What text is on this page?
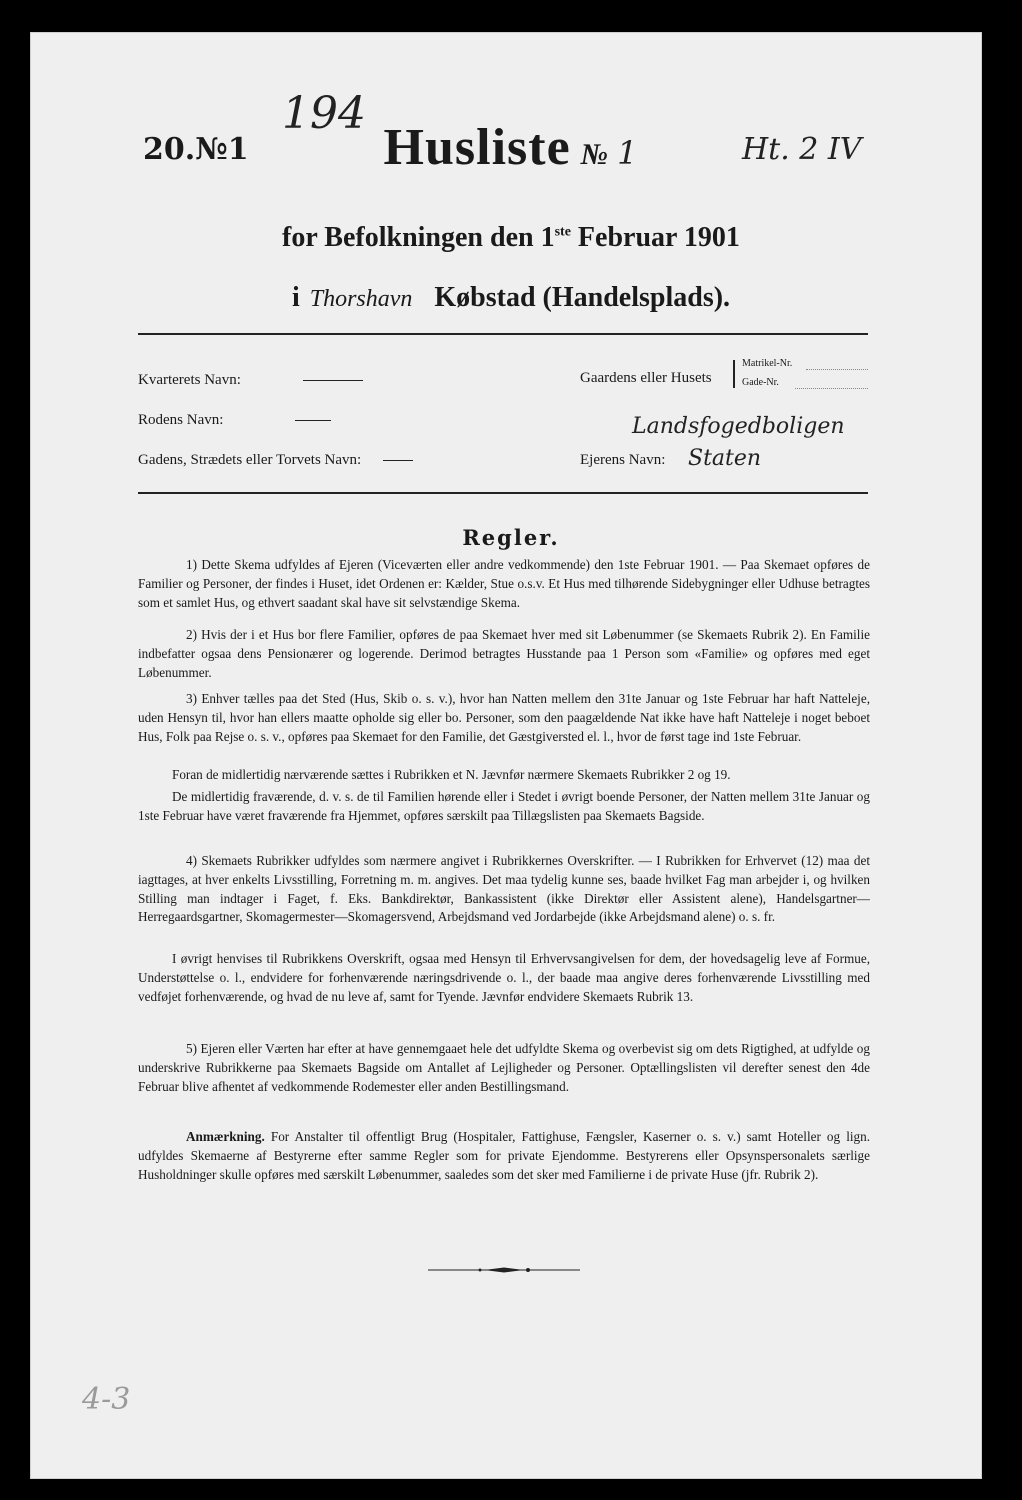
194
20.№1	Ht. 2 IV
4-3
Husliste № 1
for Befolkningen den 1ste Februar 1901
i Thorshavn Købstad (Handelsplads).
Kvarterets Navn:
Rodens Navn:
Gadens, Strædets eller Torvets Navn:
Gaardens eller Husets
Matrikel-Nr.
Gade-Nr.
Landsfogedboligen
Ejerens Navn: Staten
Regler.

1) Dette Skema udfyldes af Ejeren (Viceværten eller andre vedkommende) den 1ste Februar 1901. — Paa Skemaet opføres de Familier og Personer, der findes i Huset, idet Ordenen er: Kælder, Stue o.s.v. Et Hus med tilhørende Sidebygninger eller Udhuse betragtes som et samlet Hus, og ethvert saadant skal have sit selvstændige Skema.

2) Hvis der i et Hus bor flere Familier, opføres de paa Skemaet hver med sit Løbenummer (se Skemaets Rubrik 2). En Familie indbefatter ogsaa dens Pensionærer og logerende. Derimod betragtes Husstande paa 1 Person som «Familie» og opføres med eget Løbenummer.

3) Enhver tælles paa det Sted (Hus, Skib o. s. v.), hvor han Natten mellem den 31te Januar og 1ste Februar har haft Natteleje, uden Hensyn til, hvor han ellers maatte opholde sig eller bo. Personer, som den paagældende Nat ikke have haft Natteleje i noget beboet Hus, Folk paa Rejse o. s. v., opføres paa Skemaet for den Familie, det Gæstgiversted el. l., hvor de først tage ind 1ste Februar.

Foran de midlertidig nærværende sættes i Rubrikken et N. Jævnfør nærmere Skemaets Rubrikker 2 og 19.

De midlertidig fraværende, d. v. s. de til Familien hørende eller i Stedet i øvrigt boende Personer, der Natten mellem 31te Januar og 1ste Februar have været fraværende fra Hjemmet, opføres særskilt paa Tillægslisten paa Skemaets Bagside.

4) Skemaets Rubrikker udfyldes som nærmere angivet i Rubrikkernes Overskrifter. — I Rubrikken for Erhvervet (12) maa det iagttages, at hver enkelts Livsstilling, Forretning m. m. angives. Det maa tydelig kunne ses, baade hvilket Fag man arbejder i, og hvilken Stilling man indtager i Faget, f. Eks. Bankdirektør, Bankassistent (ikke Direktør eller Assistent alene), Handelsgartner—Herregaardsgartner, Skomagermester—Skomagersvend, Arbejdsmand ved Jordarbejde (ikke Arbejdsmand alene) o. s. fr.

I øvrigt henvises til Rubrikkens Overskrift, ogsaa med Hensyn til Erhvervsangivelsen for dem, der hovedsagelig leve af Formue, Understøttelse o. l., endvidere for forhenværende næringsdrivende o. l., der baade maa angive deres forhenværende Livsstilling med vedføjet forhenværende, og hvad de nu leve af, samt for Tyende. Jævnfør endvidere Skemaets Rubrik 13.

5) Ejeren eller Værten har efter at have gennemgaaet hele det udfyldte Skema og overbevist sig om dets Rigtighed, at udfylde og underskrive Rubrikkerne paa Skemaets Bagside om Antallet af Lejligheder og Personer. Optællingslisten vil derefter senest den 4de Februar blive afhentet af vedkommende Rodemester eller anden Bestillingsmand.

Anmærkning. For Anstalter til offentligt Brug (Hospitaler, Fattighuse, Fængsler, Kaserner o. s. v.) samt Hoteller og lign. udfyldes Skemaerne af Bestyrerne efter samme Regler som for private Ejendomme. Bestyrerens eller Opsynspersonalets særlige Husholdninger skulle opføres med særskilt Løbenummer, saaledes som det sker med Familierne i de private Huse (jfr. Rubrik 2).
